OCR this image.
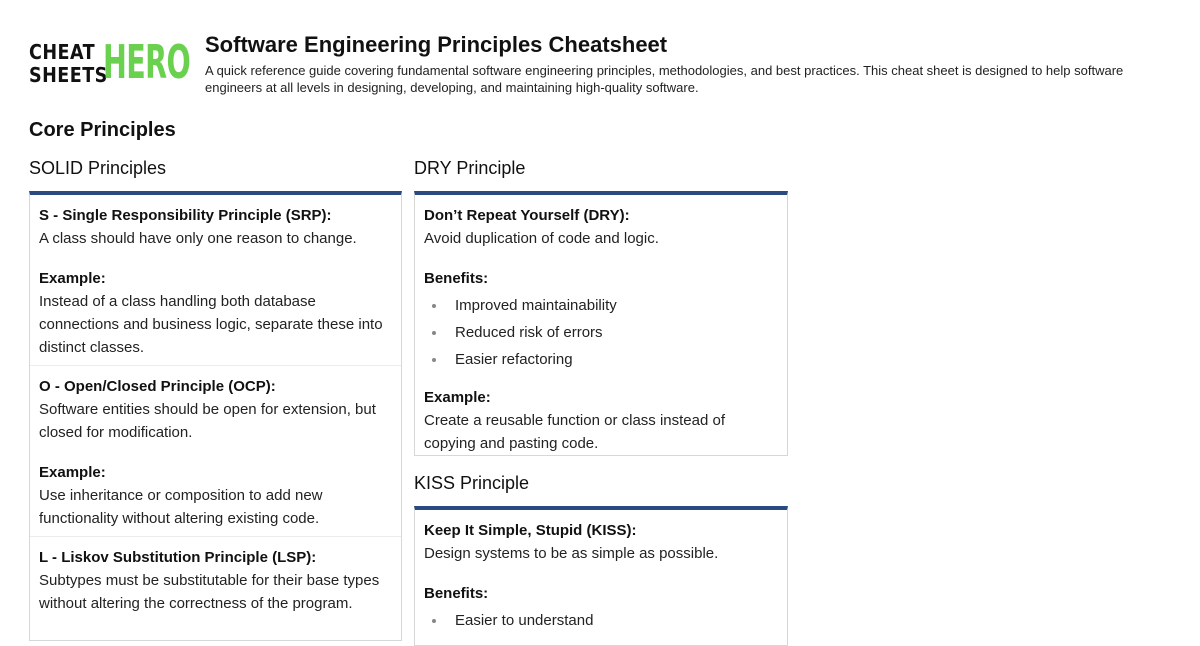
CHEAT
SHEETS
HERO Software Engineering Principles Cheatsheet
A quick reference guide covering fundamental software engineering principles, methodologies, and best practices. This cheat sheet is designed to help software engineers at all levels in designing, developing, and maintaining high-quality software.
Core Principles
SOLID Principles
S - Single Responsibility Principle (SRP):
A class should have only one reason to change.
Example:
Instead of a class handling both database connections and business logic, separate these into distinct classes.
O - Open/Closed Principle (OCP):
Software entities should be open for extension, but closed for modification.
Example:
Use inheritance or composition to add new functionality without altering existing code.
L - Liskov Substitution Principle (LSP):
Subtypes must be substitutable for their base types without altering the correctness of the program.
DRY Principle
Don’t Repeat Yourself (DRY):
Avoid duplication of code and logic.
Benefits:
Improved maintainability
Reduced risk of errors
Easier refactoring
Example:
Create a reusable function or class instead of copying and pasting code.
KISS Principle
Keep It Simple, Stupid (KISS):
Design systems to be as simple as possible.
Benefits:
Easier to understand
